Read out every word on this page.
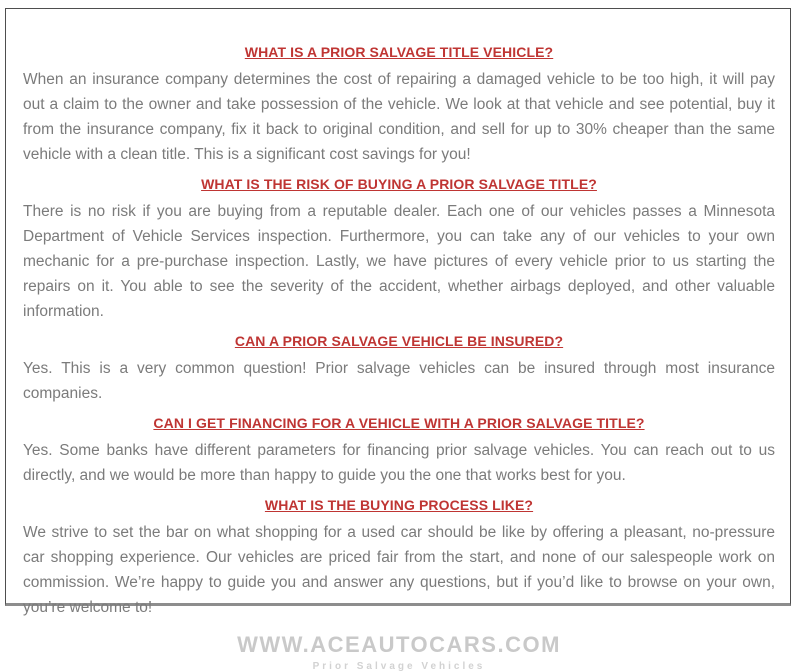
WHAT IS A PRIOR SALVAGE TITLE VEHICLE?

When an insurance company determines the cost of repairing a damaged vehicle to be too high, it will pay out a claim to the owner and take possession of the vehicle. We look at that vehicle and see potential, buy it from the insurance company, fix it back to original condition, and sell for up to 30% cheaper than the same vehicle with a clean title. This is a significant cost savings for you!

WHAT IS THE RISK OF BUYING A PRIOR SALVAGE TITLE?

There is no risk if you are buying from a reputable dealer. Each one of our vehicles passes a Minnesota Department of Vehicle Services inspection. Furthermore, you can take any of our vehicles to your own mechanic for a pre-purchase inspection. Lastly, we have pictures of every vehicle prior to us starting the repairs on it. You able to see the severity of the accident, whether airbags deployed, and other valuable information.

CAN A PRIOR SALVAGE VEHICLE BE INSURED?

Yes. This is a very common question! Prior salvage vehicles can be insured through most insurance companies.

CAN I GET FINANCING FOR A VEHICLE WITH A PRIOR SALVAGE TITLE?

Yes. Some banks have different parameters for financing prior salvage vehicles. You can reach out to us directly, and we would be more than happy to guide you the one that works best for you.

WHAT IS THE BUYING PROCESS LIKE?

We strive to set the bar on what shopping for a used car should be like by offering a pleasant, no-pressure car shopping experience. Our vehicles are priced fair from the start, and none of our salespeople work on commission. We’re happy to guide you and answer any questions, but if you’d like to browse on your own, you’re welcome to!

WWW.ACEAUTOCARS.COM
Prior Salvage Vehicles
